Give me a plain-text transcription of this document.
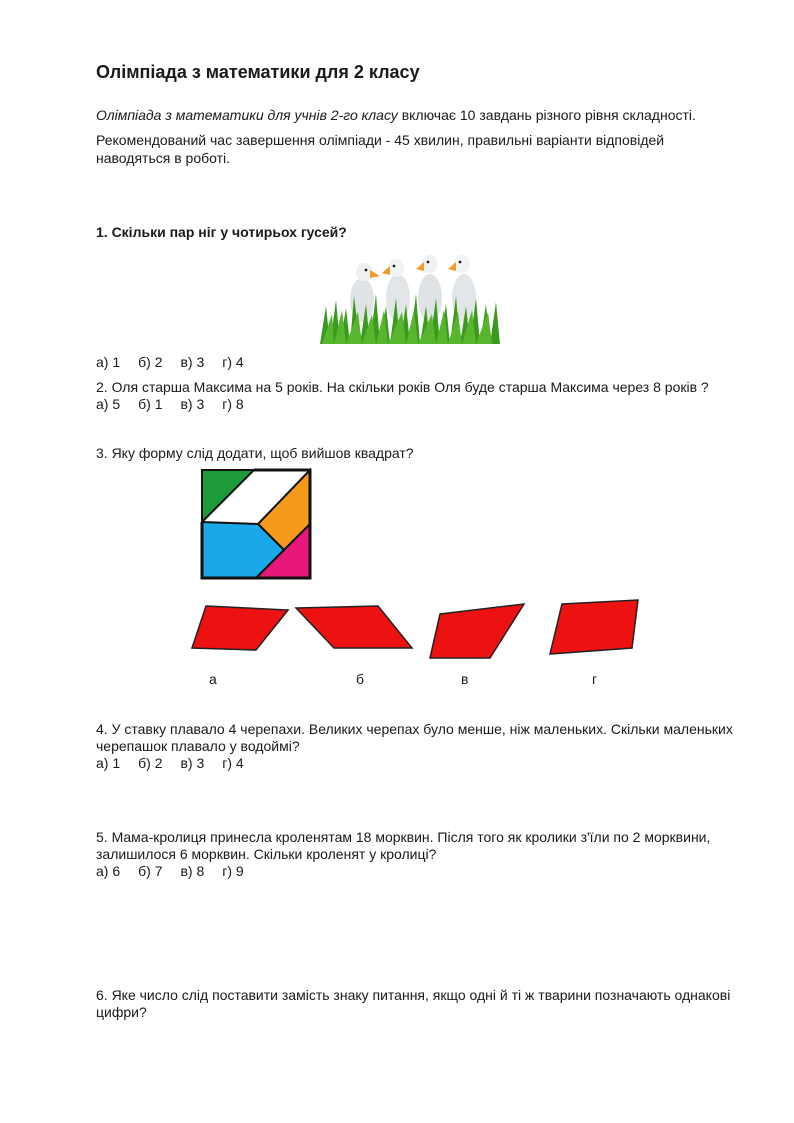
Олімпіада з математики для 2 класу
Олімпіада з математики для учнів 2-го класу включає 10 завдань різного рівня складності.
Рекомендований час завершення олімпіади - 45 хвилин, правильні варіанти відповідей
наводяться в роботі.
1. Скільки пар ніг у чотирьох гусей?
а) 1 б) 2 в) 3 г) 4
2. Оля старша Максима на 5 років. На скільки років Оля буде старша Максима через 8 років ?
а) 5 б) 1 в) 3 г) 8
3. Яку форму слід додати, щоб вийшов квадрат?
а	б	в	г
4. У ставку плавало 4 черепахи. Великих черепах було менше, ніж маленьких. Скільки маленьких
черепашок плавало у водоймі?
а) 1 б) 2 в) 3 г) 4
5. Мама-кролиця принесла кроленятам 18 морквин. Після того як кролики з'їли по 2 морквини,
залишилося 6 морквин. Скільки кроленят у кролиці?
а) 6 б) 7 в) 8 г) 9
6. Яке число слід поставити замість знаку питання, якщо одні й ті ж тварини позначають однакові
цифри?
